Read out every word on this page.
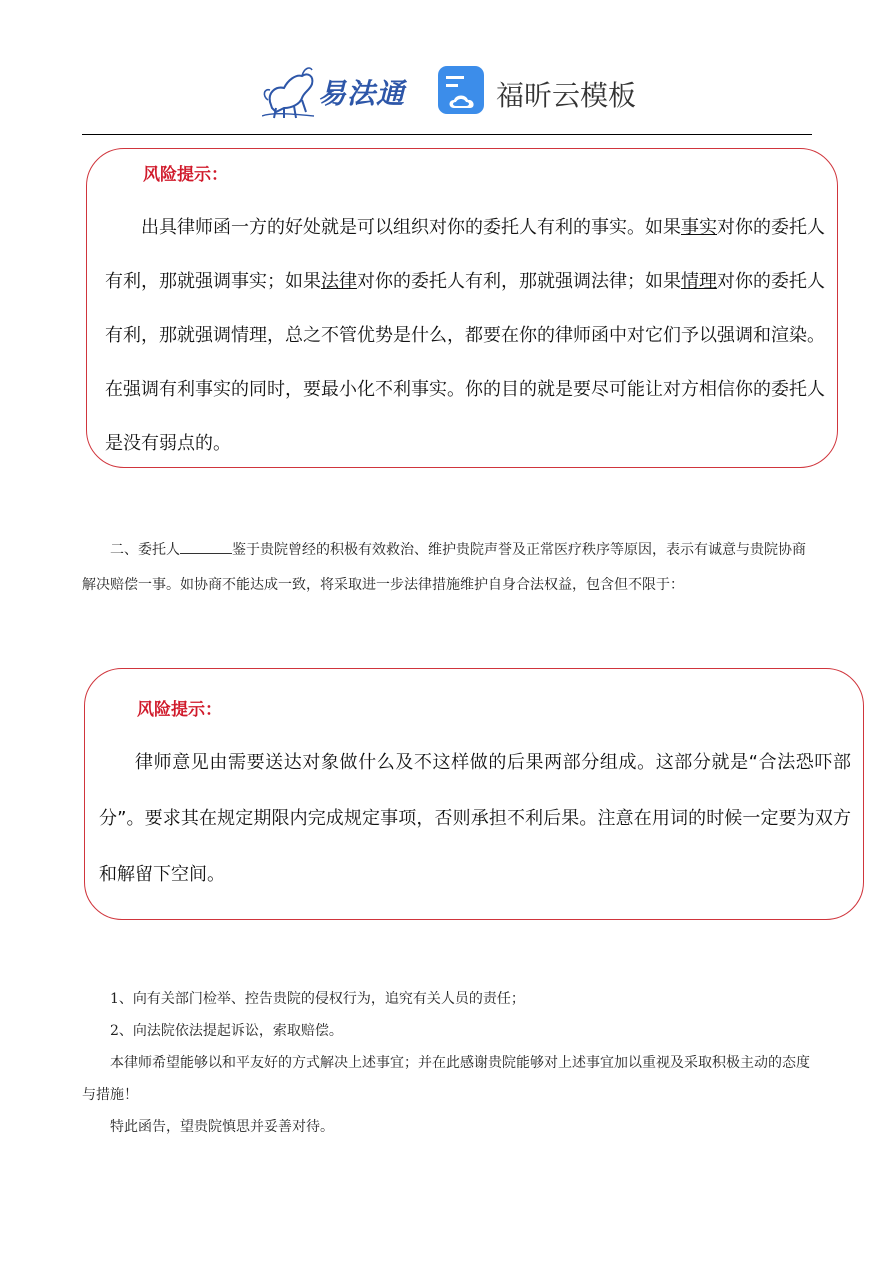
易法通	福昕云模板
风险提示：

出具律师函一方的好处就是可以组织对你的委托人有利的事实。如果事实对你的委托人有利，那就强调事实；如果法律对你的委托人有利，那就强调法律；如果情理对你的委托人有利，那就强调情理，总之不管优势是什么，都要在你的律师函中对它们予以强调和渲染。在强调有利事实的同时，要最小化不利事实。你的目的就是要尽可能让对方相信你的委托人是没有弱点的。

二、委托人	鉴于贵院曾经的积极有效救治、维护贵院声誉及正常医疗秩序等原因，表示有诚意与贵院协商解决赔偿一事。如协商不能达成一致，将采取进一步法律措施维护自身合法权益，包含但不限于：

风险提示：

律师意见由需要送达对象做什么及不这样做的后果两部分组成。这部分就是“合法恐吓部分”。要求其在规定期限内完成规定事项，否则承担不利后果。注意在用词的时候一定要为双方和解留下空间。

1、向有关部门检举、控告贵院的侵权行为，追究有关人员的责任；

2、向法院依法提起诉讼，索取赔偿。

本律师希望能够以和平友好的方式解决上述事宜；并在此感谢贵院能够对上述事宜加以重视及采取积极主动的态度与措施！

特此函告，望贵院慎思并妥善对待。
